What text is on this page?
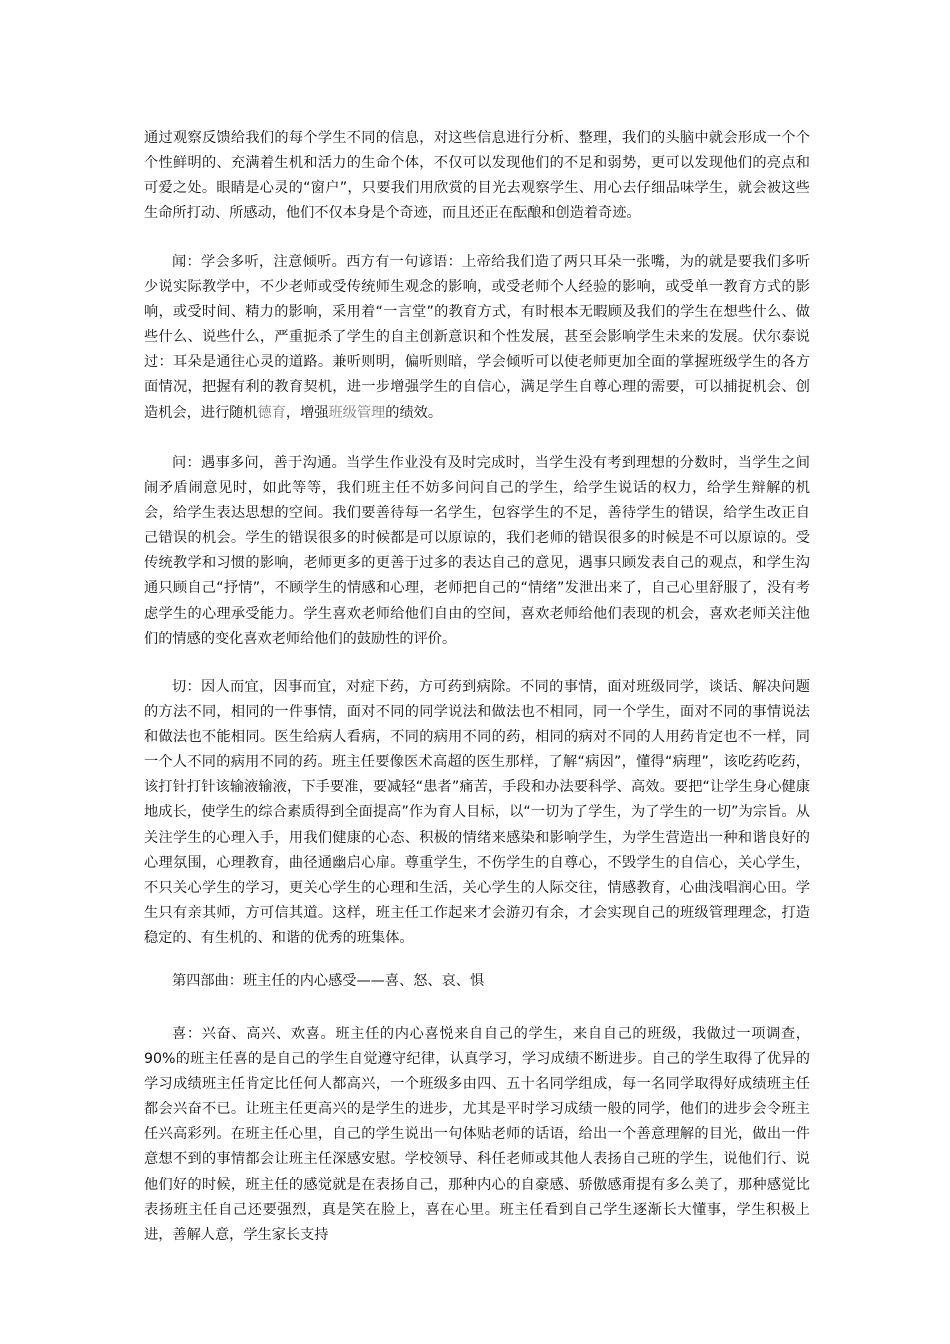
通过观察反馈给我们的每个学生不同的信息，对这些信息进行分析、整理，我们的头脑中就会形成一个个个性鲜明的、充满着生机和活力的生命个体，不仅可以发现他们的不足和弱势，更可以发现他们的亮点和可爱之处。眼睛是心灵的“窗户”，只要我们用欣赏的目光去观察学生、用心去仔细品味学生，就会被这些生命所打动、所感动，他们不仅本身是个奇迹，而且还正在酝酿和创造着奇迹。

闻：学会多听，注意倾听。西方有一句谚语：上帝给我们造了两只耳朵一张嘴，为的就是要我们多听少说实际教学中，不少老师或受传统师生观念的影响，或受老师个人经验的影响，或受单一教育方式的影响，或受时间、精力的影响，采用着“一言堂”的教育方式，有时根本无暇顾及我们的学生在想些什么、做些什么、说些什么，严重扼杀了学生的自主创新意识和个性发展，甚至会影响学生未来的发展。伏尔泰说过：耳朵是通往心灵的道路。兼听则明，偏听则暗，学会倾听可以使老师更加全面的掌握班级学生的各方面情况，把握有利的教育契机，进一步增强学生的自信心，满足学生自尊心理的需要，可以捕捉机会、创造机会，进行随机德育，增强班级管理的绩效。

问：遇事多问，善于沟通。当学生作业没有及时完成时，当学生没有考到理想的分数时，当学生之间闹矛盾闹意见时，如此等等，我们班主任不妨多问问自己的学生，给学生说话的权力，给学生辩解的机会，给学生表达思想的空间。我们要善待每一名学生，包容学生的不足，善待学生的错误，给学生改正自己错误的机会。学生的错误很多的时候都是可以原谅的，我们老师的错误很多的时候是不可以原谅的。受传统教学和习惯的影响，老师更多的更善于过多的表达自己的意见，遇事只顾发表自己的观点，和学生沟通只顾自己“抒情”，不顾学生的情感和心理，老师把自己的“情绪”发泄出来了，自己心里舒服了，没有考虑学生的心理承受能力。学生喜欢老师给他们自由的空间，喜欢老师给他们表现的机会，喜欢老师关注他们的情感的变化喜欢老师给他们的鼓励性的评价。

切：因人而宜，因事而宜，对症下药，方可药到病除。不同的事情，面对班级同学，谈话、解决问题的方法不同，相同的一件事情，面对不同的同学说法和做法也不相同，同一个学生，面对不同的事情说法和做法也不能相同。医生给病人看病，不同的病用不同的药，相同的病对不同的人用药肯定也不一样，同一个人不同的病用不同的药。班主任要像医术高超的医生那样，了解“病因”，懂得“病理”，该吃药吃药，该打针打针该输液输液，下手要准，要减轻“患者”痛苦，手段和办法要科学、高效。要把“让学生身心健康地成长，使学生的综合素质得到全面提高”作为育人目标，以“一切为了学生，为了学生的一切”为宗旨。从关注学生的心理入手，用我们健康的心态、积极的情绪来感染和影响学生，为学生营造出一种和谐良好的心理氛围，心理教育，曲径通幽启心扉。尊重学生，不伤学生的自尊心，不毁学生的自信心，关心学生，不只关心学生的学习，更关心学生的心理和生活，关心学生的人际交往，情感教育，心曲浅唱润心田。学生只有亲其师，方可信其道。这样，班主任工作起来才会游刃有余，才会实现自己的班级管理理念，打造稳定的、有生机的、和谐的优秀的班集体。

第四部曲：班主任的内心感受——喜、怒、哀、惧

喜：兴奋、高兴、欢喜。班主任的内心喜悦来自自己的学生，来自自己的班级，我做过一项调查，90%的班主任喜的是自己的学生自觉遵守纪律，认真学习，学习成绩不断进步。自己的学生取得了优异的学习成绩班主任肯定比任何人都高兴，一个班级多由四、五十名同学组成，每一名同学取得好成绩班主任都会兴奋不已。让班主任更高兴的是学生的进步，尤其是平时学习成绩一般的同学，他们的进步会令班主任兴高彩列。在班主任心里，自己的学生说出一句体贴老师的话语，给出一个善意理解的目光，做出一件意想不到的事情都会让班主任深感安慰。学校领导、科任老师或其他人表扬自己班的学生，说他们行、说他们好的时候，班主任的感觉就是在表扬自己，那种内心的自豪感、骄傲感甭提有多么美了，那种感觉比表扬班主任自己还要强烈，真是笑在脸上，喜在心里。班主任看到自己学生逐渐长大懂事，学生积极上进，善解人意，学生家长支持
